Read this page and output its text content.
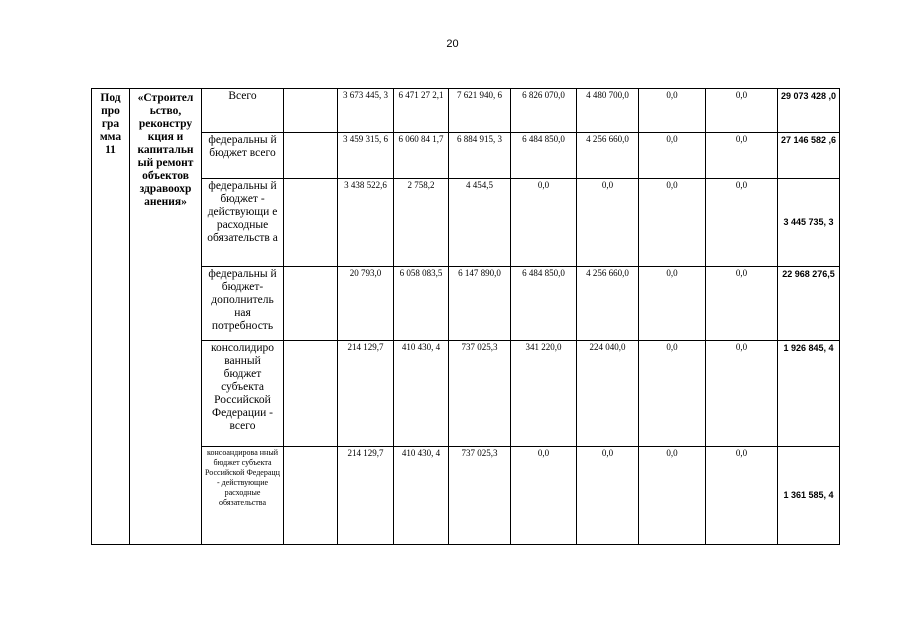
20
Под про гра мма 11	«Строител ьство, реконстру кция и капитальн ый ремонт объектов здравоохр анения»	Всего		3 673 445, 3	6 471 27 2,1	7 621 940, 6	6 826 070,0	4 480 700,0	0,0	0,0	29 073 428 ,0
		федеральны й бюджет всего		3 459 315, 6	6 060 84 1,7	6 884 915, 3	6 484 850,0	4 256 660,0	0,0	0,0	27 146 582 ,6
		федеральны й бюджет - действующи е расходные обязательств а		3 438 522,6	2 758,2	4 454,5	0,0	0,0	0,0	0,0	3 445 735, 3
		федеральны й бюджет- дополнитель ная потребность		20 793,0	6 058 083,5	6 147 890,0	6 484 850,0	4 256 660,0	0,0	0,0	22 968 276,5
		консолидиро ванный бюджет субъекта Российской Федерации - всего		214 129,7	410 430, 4	737 025,3	341 220,0	224 040,0	0,0	0,0	1 926 845, 4
		консоандирова нный бюджет субъекта Российской Федерацц - действующие расходные обязательства		214 129,7	410 430, 4	737 025,3	0,0	0,0	0,0	0,0	1 361 585, 4
